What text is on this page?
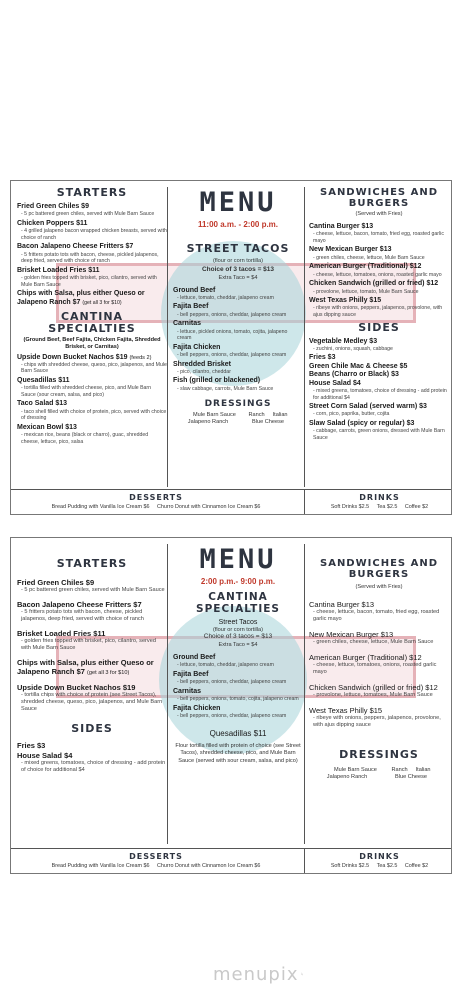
STARTERS
Fried Green Chiles $9
- 5 pc battered green chiles, served with Mule Barn Sauce
Chicken Poppers $11
- 4 grilled jalapeno bacon wrapped chicken breasts, served with choice of ranch
Bacon Jalapeno Cheese Fritters $7
- 5 fritters potato tots with bacon, cheese, pickled jalapenos, deep fried, served with choice of ranch
Brisket Loaded Fries $11
- golden fries topped with brisket, pico, cilantro, served with Mule Barn Sauce
Chips with Salsa, plus either Queso or Jalapeno Ranch $7 (get all 3 for $10)
CANTINA SPECIALTIES
(Ground Beef, Beef Fajita, Chicken Fajita, Shredded Brisket, or Carnitas)
Upside Down Bucket Nachos $19 (feeds 2)
- chips with shredded cheese, queso, pico, jalapenos, and Mule Barn Sauce
Quesadillas $11
- tortilla filled with shredded cheese, pico, and Mule Barn Sauce (sour cream, salsa, and pico)
Taco Salad $13
- taco shell filled with choice of protein, pico, served with choice of dressing
Mexican Bowl $13
- mexican rice, beans (black or charro), guac, shredded cheese, lettuce, pico, salsa
MENU
11:00 a.m. - 2:00 p.m.
STREET TACOS
(flour or corn tortilla)
Choice of 3 tacos = $13
Extra Taco = $4
Ground Beef
- lettuce, tomato, cheddar, jalapeno cream
Fajita Beef
- bell peppers, onions, cheddar, jalapeno cream
Carnitas
- lettuce, pickled onions, tomato, cojita, jalapeno cream
Fajita Chicken
- bell peppers, onions, cheddar, jalapeno cream
Shredded Brisket
- pico, cilantro, cheddar
Fish (grilled or blackened)
- slaw cabbage, carrots, Mule Barn Sauce
DRESSINGS
Mule Barn Sauce	Ranch Italian
Jalapeno Ranch	Blue Cheese
SANDWICHES AND BURGERS
(Served with Fries)
Cantina Burger $13
- cheese, lettuce, bacon, tomato, fried egg, roasted garlic mayo
New Mexican Burger $13
- green chiles, cheese, lettuce, Mule Barn Sauce
American Burger (Traditional) $12
- cheese, lettuce, tomatoes, onions, roasted garlic mayo
Chicken Sandwich (grilled or fried) $12
- provolone, lettuce, tomato, Mule Barn Sauce
West Texas Philly $15
- ribeye with onions, peppers, jalapenos, provolone, with ajus dipping sauce
SIDES
Vegetable Medley $3
- zuchini, onions, squash, cabbage
Fries $3
Green Chile Mac & Cheese $5
Beans (Charro or Black) $3
House Salad $4
- mixed greens, tomatoes, choice of dressing - add protein for additional $4
Street Corn Salad (served warm) $3
- corn, pico, paprika, butter, cojita
Slaw Salad (spicy or regular) $3
- cabbage, carrots, green onions, dressed with Mule Barn Sauce
DESSERTS
Bread Pudding with Vanilla Ice Cream $6 Churro Donut with Cinnamon Ice Cream $6
DRINKS
Soft Drinks $2.5 Tea $2.5 Coffee $2
STARTERS
Fried Green Chiles $9
- 5 pc battered green chiles, served with Mule Barn Sauce
Bacon Jalapeno Cheese Fritters $7
- 5 fritters potato tots with bacon, cheese, pickled jalapenos, deep fried, served with choice of ranch
Brisket Loaded Fries $11
- golden fries topped with brisket, pico, cilantro, served with Mule Barn Sauce
Chips with Salsa, plus either Queso or Jalapeno Ranch $7 (get all 3 for $10)
Upside Down Bucket Nachos $19
- tortilla chips with choice of protein (see Street Tacos), shredded cheese, queso, pico, jalapenos, and Mule Barn Sauce
SIDES
Fries $3
House Salad $4
- mixed greens, tomatoes, choice of dressing - add protein of choice for additional $4
MENU
2:00 p.m.- 9:00 p.m.
CANTINA SPECIALTIES
Street Tacos
(flour or corn tortilla)
Choice of 3 tacos = $13
Extra Taco = $4
Ground Beef
- lettuce, tomato, cheddar, jalapeno cream
Fajita Beef
- bell peppers, onions, cheddar, jalapeno cream
Carnitas
- bell peppers, onions, tomato, cojita, jalapeno cream
Fajita Chicken
- bell peppers, onions, cheddar, jalapeno cream
Quesadillas $11
Flour tortilla filled with protein of choice (see Street Tacos), shredded cheese, pico, and Mule Barn Sauce (served with sour cream, salsa, and pico)
SANDWICHES AND BURGERS
(Served with Fries)
Cantina Burger $13
- cheese, lettuce, bacon, tomato, fried egg, roasted garlic mayo
New Mexican Burger $13
- green chiles, cheese, lettuce, Mule Barn Sauce
American Burger (Traditional) $12
- cheese, lettuce, tomatoes, onions, roasted garlic mayo
Chicken Sandwich (grilled or fried) $12
- provolone, lettuce, tomatoes, Mule Barn Sauce
West Texas Philly $15
- ribeye with onions, peppers, jalapenos, provolone, with ajus dipping sauce
DRESSINGS
Mule Barn Sauce	Ranch Italian
Jalapeno Ranch	Blue Cheese
DESSERTS
Bread Pudding with Vanilla Ice Cream $6 Churro Donut with Cinnamon Ice Cream $6
DRINKS
Soft Drinks $2.5 Tea $2.5 Coffee $2
menupix
